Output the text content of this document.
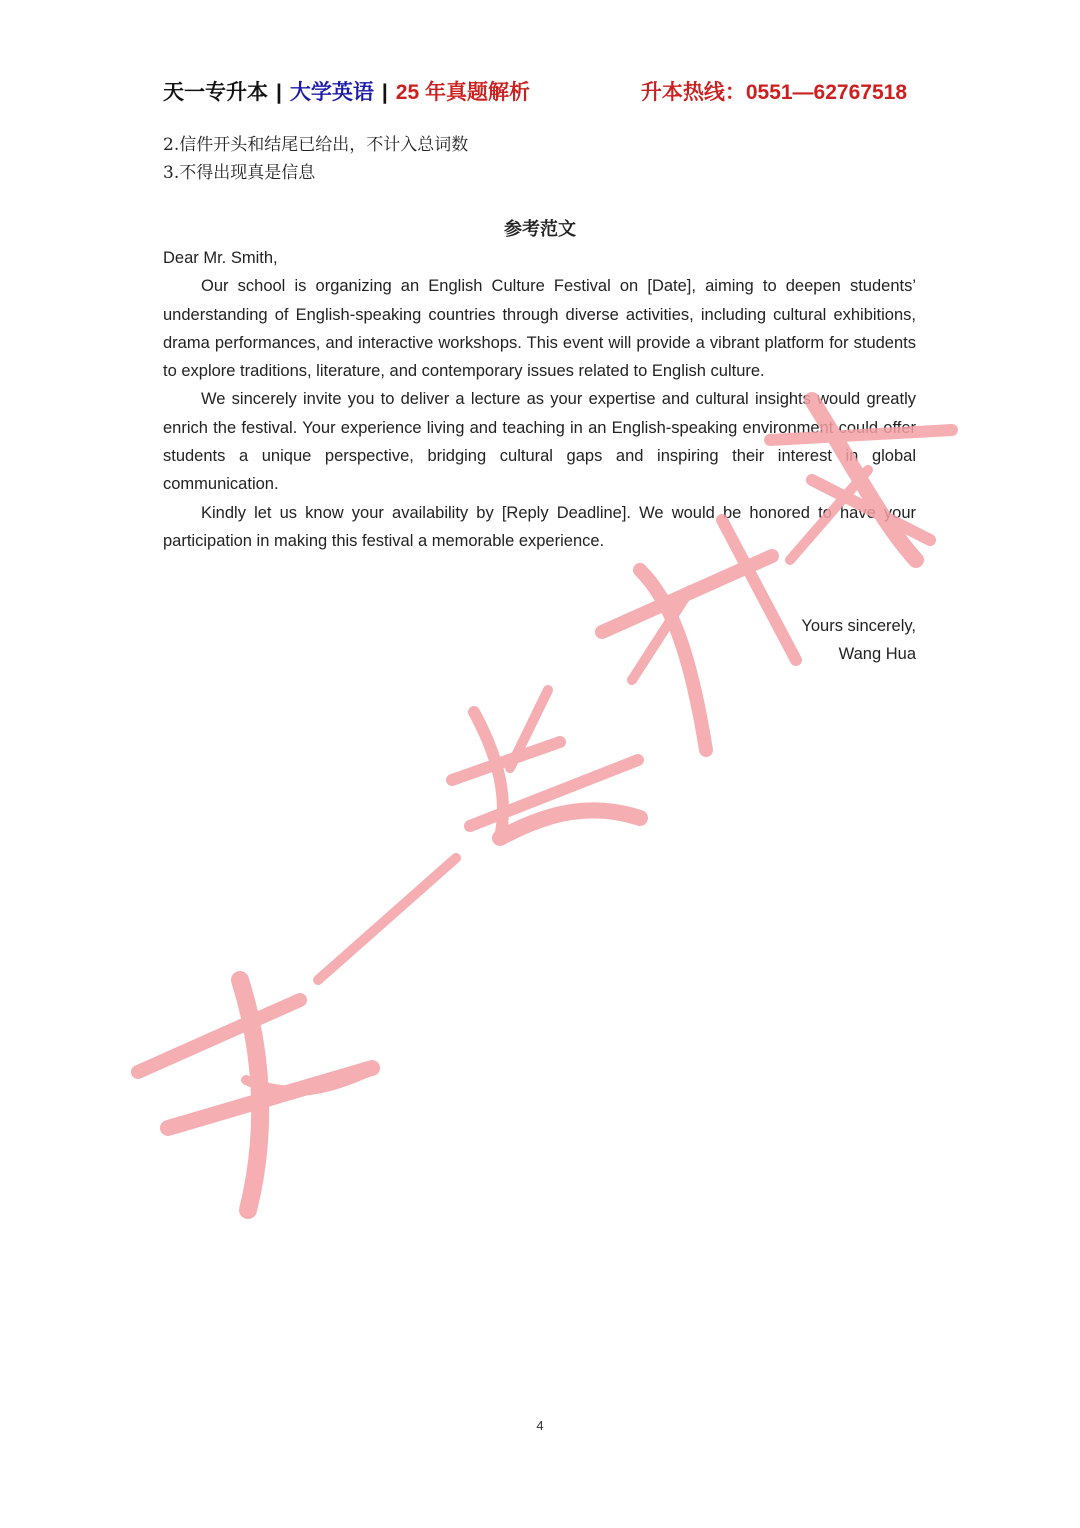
天一专升本 | 大学英语 | 25 年真题解析	升本热线：0551—62767518
2.信件开头和结尾已给出，不计入总词数
3.不得出现真是信息
参考范文

Dear Mr. Smith,

Our school is organizing an English Culture Festival on [Date], aiming to deepen students’ understanding of English-speaking countries through diverse activities, including cultural exhibitions, drama performances, and interactive workshops. This event will provide a vibrant platform for students to explore traditions, literature, and contemporary issues related to English culture.

We sincerely invite you to deliver a lecture as your expertise and cultural insights would greatly enrich the festival. Your experience living and teaching in an English-speaking environment could offer students a unique perspective, bridging cultural gaps and inspiring their interest in global communication.

Kindly let us know your availability by [Reply Deadline]. We would be honored to have your participation in making this festival a memorable experience.

Yours sincerely,
Wang Hua
4
